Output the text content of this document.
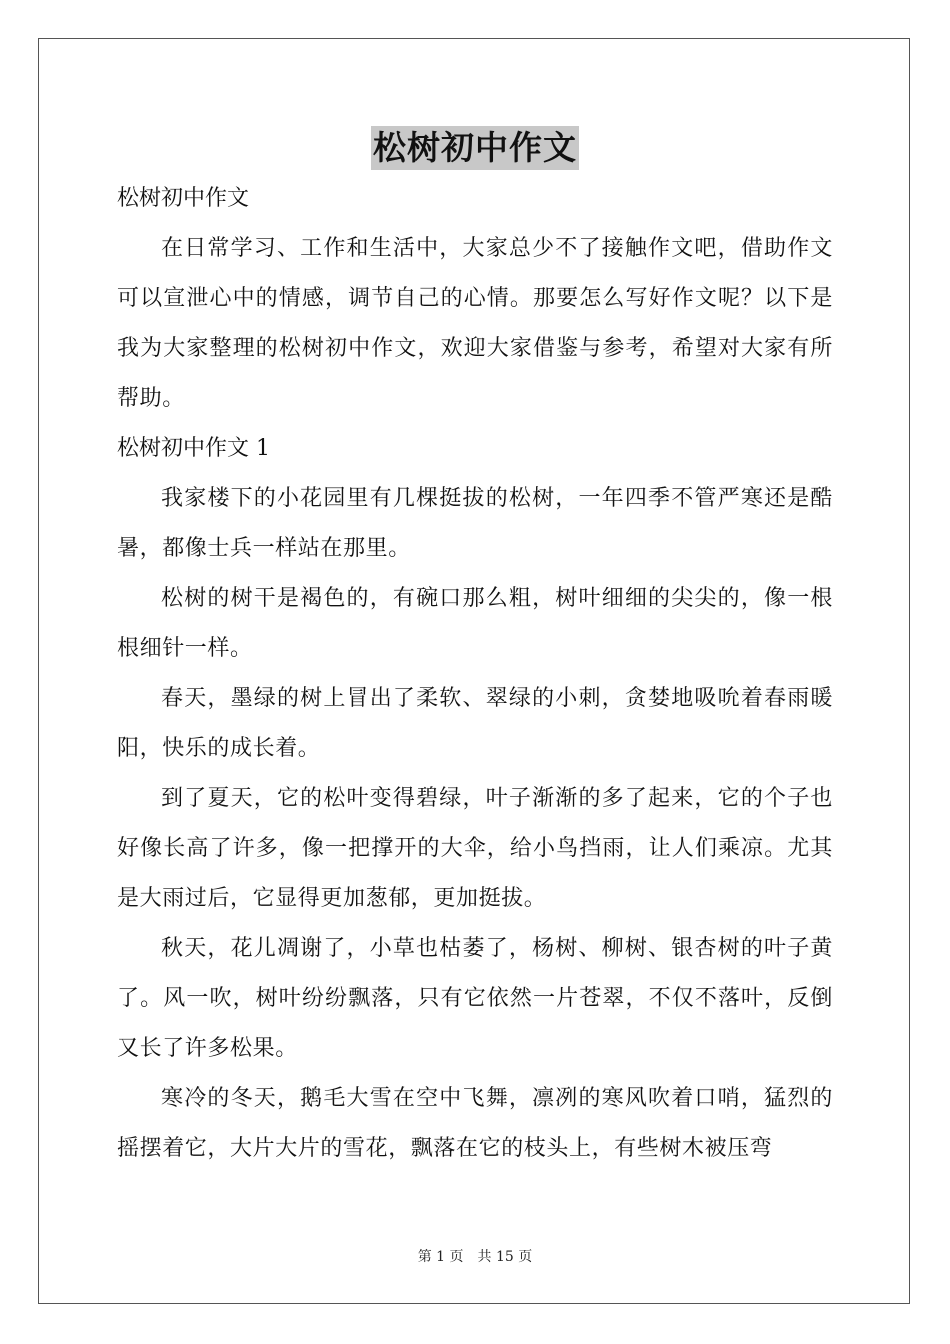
松树初中作文

松树初中作文

在日常学习、工作和生活中，大家总少不了接触作文吧，借助作文可以宣泄心中的情感，调节自己的心情。那要怎么写好作文呢？以下是我为大家整理的松树初中作文，欢迎大家借鉴与参考，希望对大家有所帮助。

松树初中作文 1

我家楼下的小花园里有几棵挺拔的松树，一年四季不管严寒还是酷暑，都像士兵一样站在那里。

松树的树干是褐色的，有碗口那么粗，树叶细细的尖尖的，像一根根细针一样。

春天，墨绿的树上冒出了柔软、翠绿的小刺，贪婪地吸吮着春雨暖阳，快乐的成长着。

到了夏天，它的松叶变得碧绿，叶子渐渐的多了起来，它的个子也好像长高了许多，像一把撑开的大伞，给小鸟挡雨，让人们乘凉。尤其是大雨过后，它显得更加葱郁，更加挺拔。

秋天，花儿凋谢了，小草也枯萎了，杨树、柳树、银杏树的叶子黄了。风一吹，树叶纷纷飘落，只有它依然一片苍翠，不仅不落叶，反倒又长了许多松果。

寒冷的冬天，鹅毛大雪在空中飞舞，凛冽的寒风吹着口哨，猛烈的摇摆着它，大片大片的雪花，飘落在它的枝头上，有些树木被压弯

第 1 页　共 15 页
